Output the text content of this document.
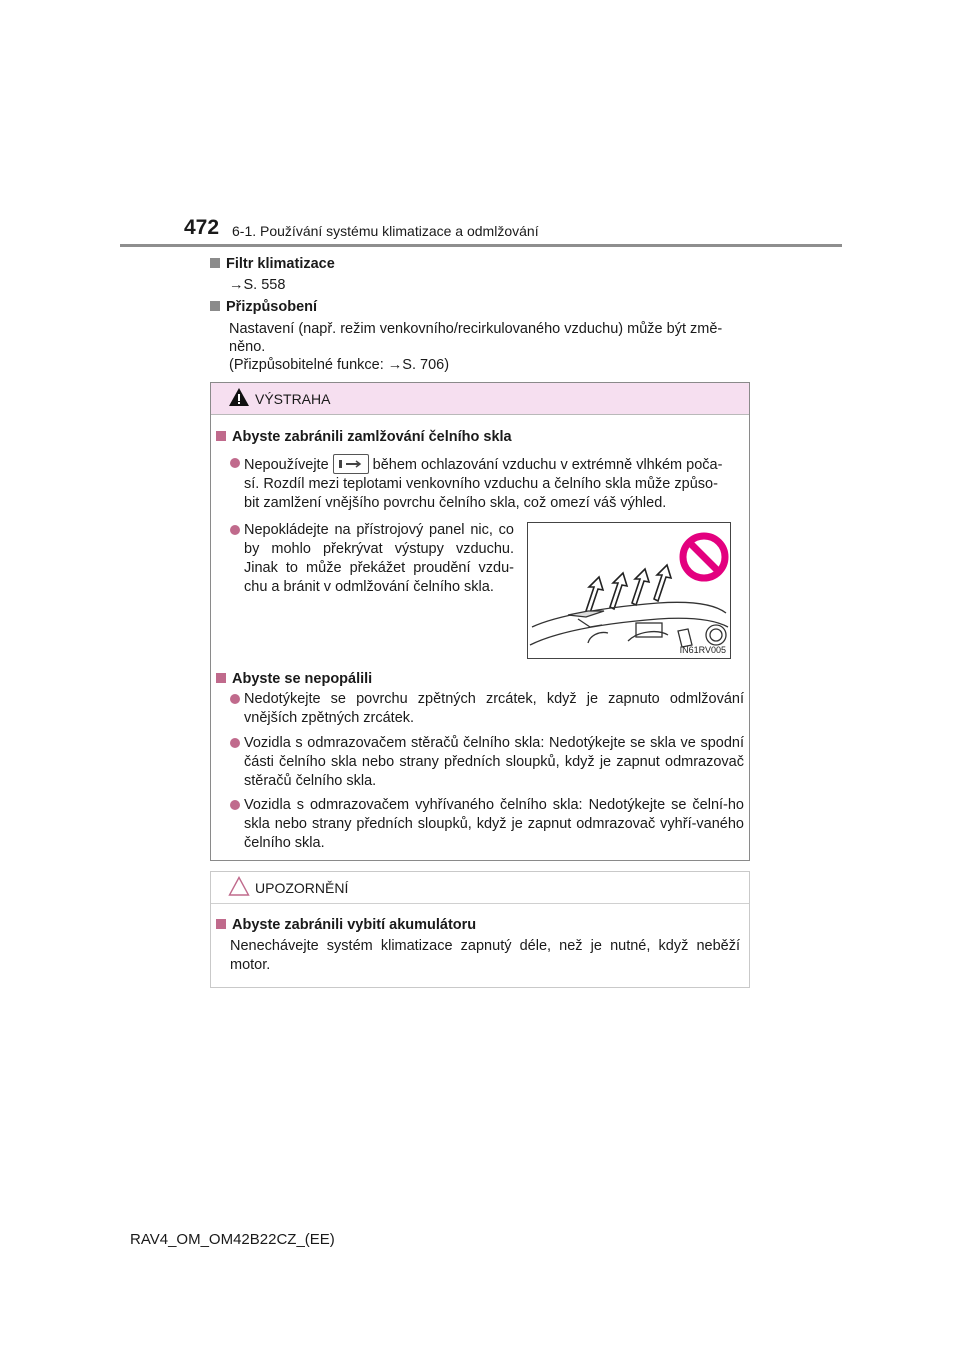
472 6-1. Používání systému klimatizace a odmlžování
Filtr klimatizace
→S. 558
Přizpůsobení
Nastavení (např. režim venkovního/recirkulovaného vzduchu) může být změ-
něno.
(Přizpůsobitelné funkce: →S. 706)
VÝSTRAHA
Abyste zabránili zamlžování čelního skla
Nepoužívejte	během ochlazování vzduchu v extrémně vlhkém poča-
sí. Rozdíl mezi teplotami venkovního vzduchu a čelního skla může způso-
bit zamlžení vnějšího povrchu čelního skla, což omezí váš výhled.
Nepokládejte na přístrojový panel nic, co by mohlo překrývat výstupy vzduchu. Jinak to může překážet proudění vzdu-chu a bránit v odmlžování čelního skla.
Abyste se nepopálili
Nedotýkejte se povrchu zpětných zrcátek, když je zapnuto odmlžování vnějších zpětných zrcátek.
Vozidla s odmrazovačem stěračů čelního skla: Nedotýkejte se skla ve spodní části čelního skla nebo strany předních sloupků, když je zapnut odmrazovač stěračů čelního skla.
Vozidla s odmrazovačem vyhřívaného čelního skla: Nedotýkejte se čelní-ho skla nebo strany předních sloupků, když je zapnut odmrazovač vyhří-vaného čelního skla.
IN61RV005
UPOZORNĚNÍ
Abyste zabránili vybití akumulátoru
Nenechávejte systém klimatizace zapnutý déle, než je nutné, když neběží motor.
RAV4_OM_OM42B22CZ_(EE)
